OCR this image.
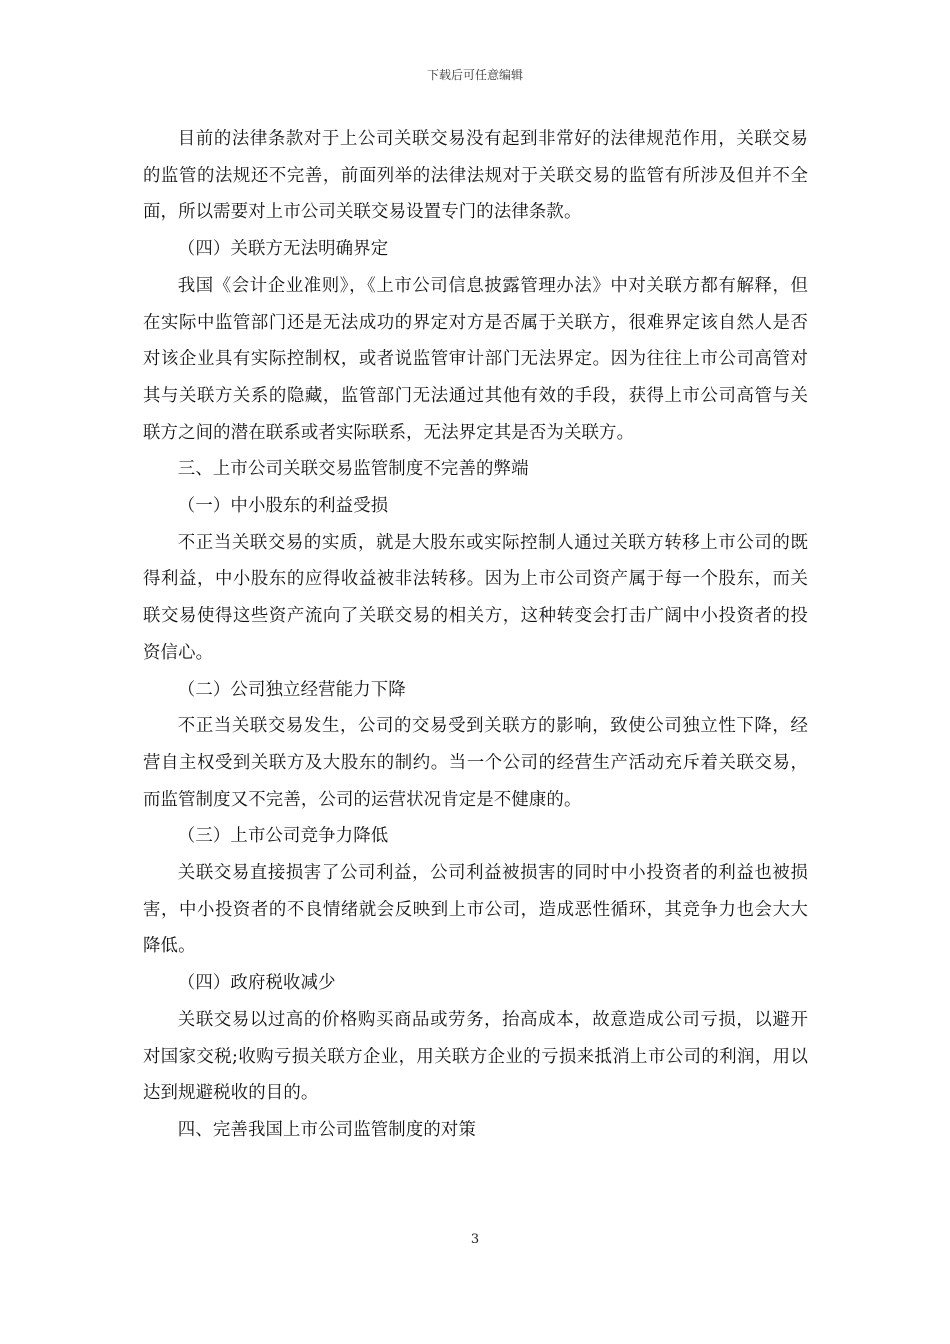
下载后可任意编辑

目前的法律条款对于上公司关联交易没有起到非常好的法律规范作用，关联交易的监管的法规还不完善，前面列举的法律法规对于关联交易的监管有所涉及但并不全面，所以需要对上市公司关联交易设置专门的法律条款。

（四）关联方无法明确界定

我国《会计企业准则》，《上市公司信息披露管理办法》中对关联方都有解释，但在实际中监管部门还是无法成功的界定对方是否属于关联方，很难界定该自然人是否对该企业具有实际控制权，或者说监管审计部门无法界定。因为往往上市公司高管对其与关联方关系的隐藏，监管部门无法通过其他有效的手段，获得上市公司高管与关联方之间的潜在联系或者实际联系，无法界定其是否为关联方。

三、上市公司关联交易监管制度不完善的弊端

（一）中小股东的利益受损

不正当关联交易的实质，就是大股东或实际控制人通过关联方转移上市公司的既得利益，中小股东的应得收益被非法转移。因为上市公司资产属于每一个股东，而关联交易使得这些资产流向了关联交易的相关方，这种转变会打击广阔中小投资者的投资信心。

（二）公司独立经营能力下降

不正当关联交易发生，公司的交易受到关联方的影响，致使公司独立性下降，经营自主权受到关联方及大股东的制约。当一个公司的经营生产活动充斥着关联交易，而监管制度又不完善，公司的运营状况肯定是不健康的。

（三）上市公司竞争力降低

关联交易直接损害了公司利益，公司利益被损害的同时中小投资者的利益也被损害，中小投资者的不良情绪就会反映到上市公司，造成恶性循环，其竞争力也会大大降低。

（四）政府税收减少

关联交易以过高的价格购买商品或劳务，抬高成本，故意造成公司亏损，以避开对国家交税;收购亏损关联方企业，用关联方企业的亏损来抵消上市公司的利润，用以达到规避税收的目的。

四、完善我国上市公司监管制度的对策

3
